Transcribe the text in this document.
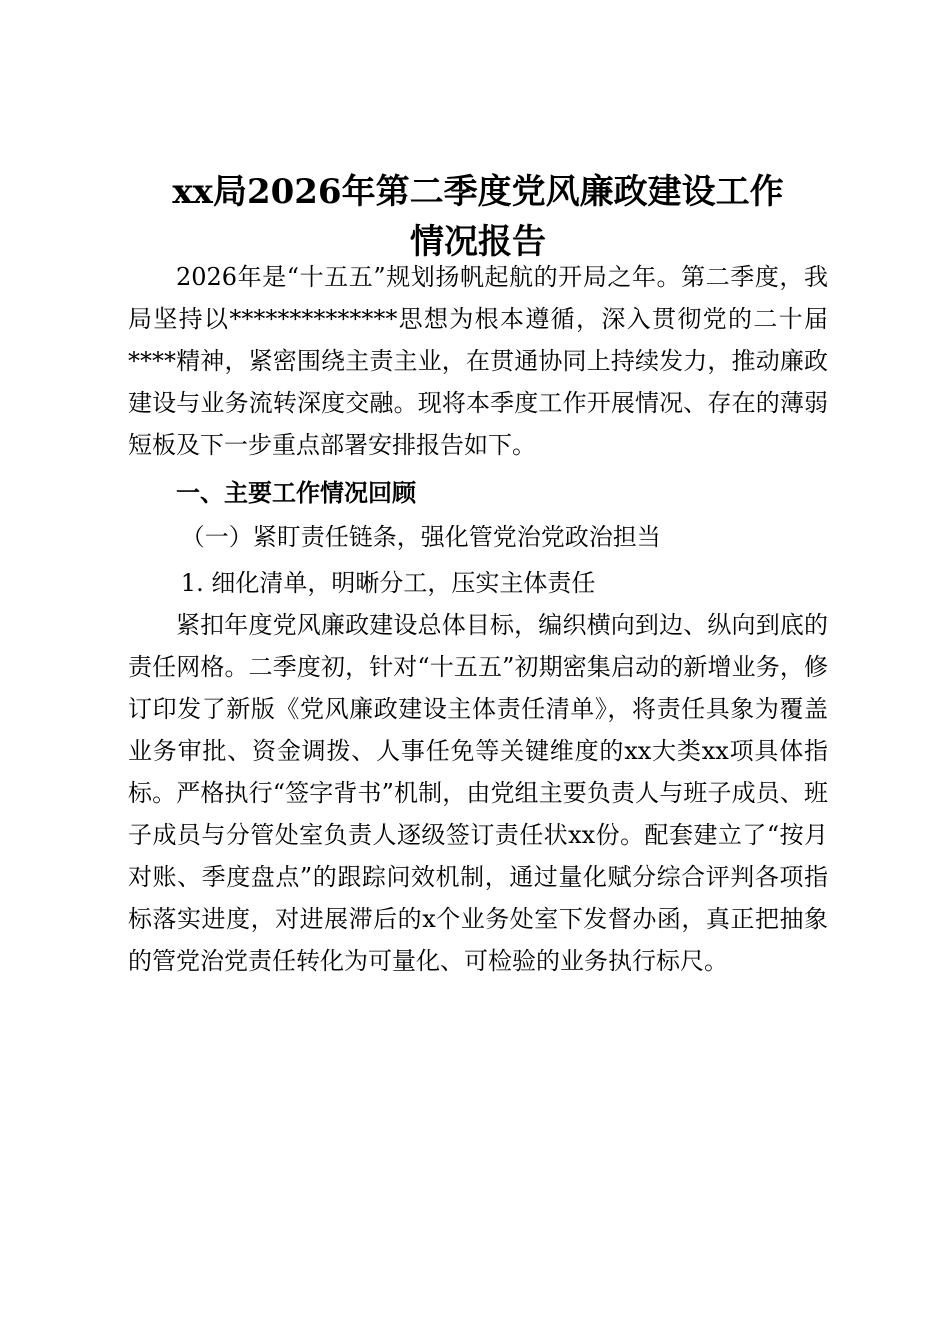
xx局2026年第二季度党风廉政建设工作
情况报告

2026年是“十五五”规划扬帆起航的开局之年。第二季度，我局坚持以**************思想为根本遵循，深入贯彻党的二十届****精神，紧密围绕主责主业，在贯通协同上持续发力，推动廉政建设与业务流转深度交融。现将本季度工作开展情况、存在的薄弱短板及下一步重点部署安排报告如下。

一、主要工作情况回顾

（一）紧盯责任链条，强化管党治党政治担当

1. 细化清单，明晰分工，压实主体责任

紧扣年度党风廉政建设总体目标，编织横向到边、纵向到底的责任网格。二季度初，针对“十五五”初期密集启动的新增业务，修订印发了新版《党风廉政建设主体责任清单》，将责任具象为覆盖业务审批、资金调拨、人事任免等关键维度的xx大类xx项具体指标。严格执行“签字背书”机制，由党组主要负责人与班子成员、班子成员与分管处室负责人逐级签订责任状xx份。配套建立了“按月对账、季度盘点”的跟踪问效机制，通过量化赋分综合评判各项指标落实进度，对进展滞后的x个业务处室下发督办函，真正把抽象的管党治党责任转化为可量化、可检验的业务执行标尺。
